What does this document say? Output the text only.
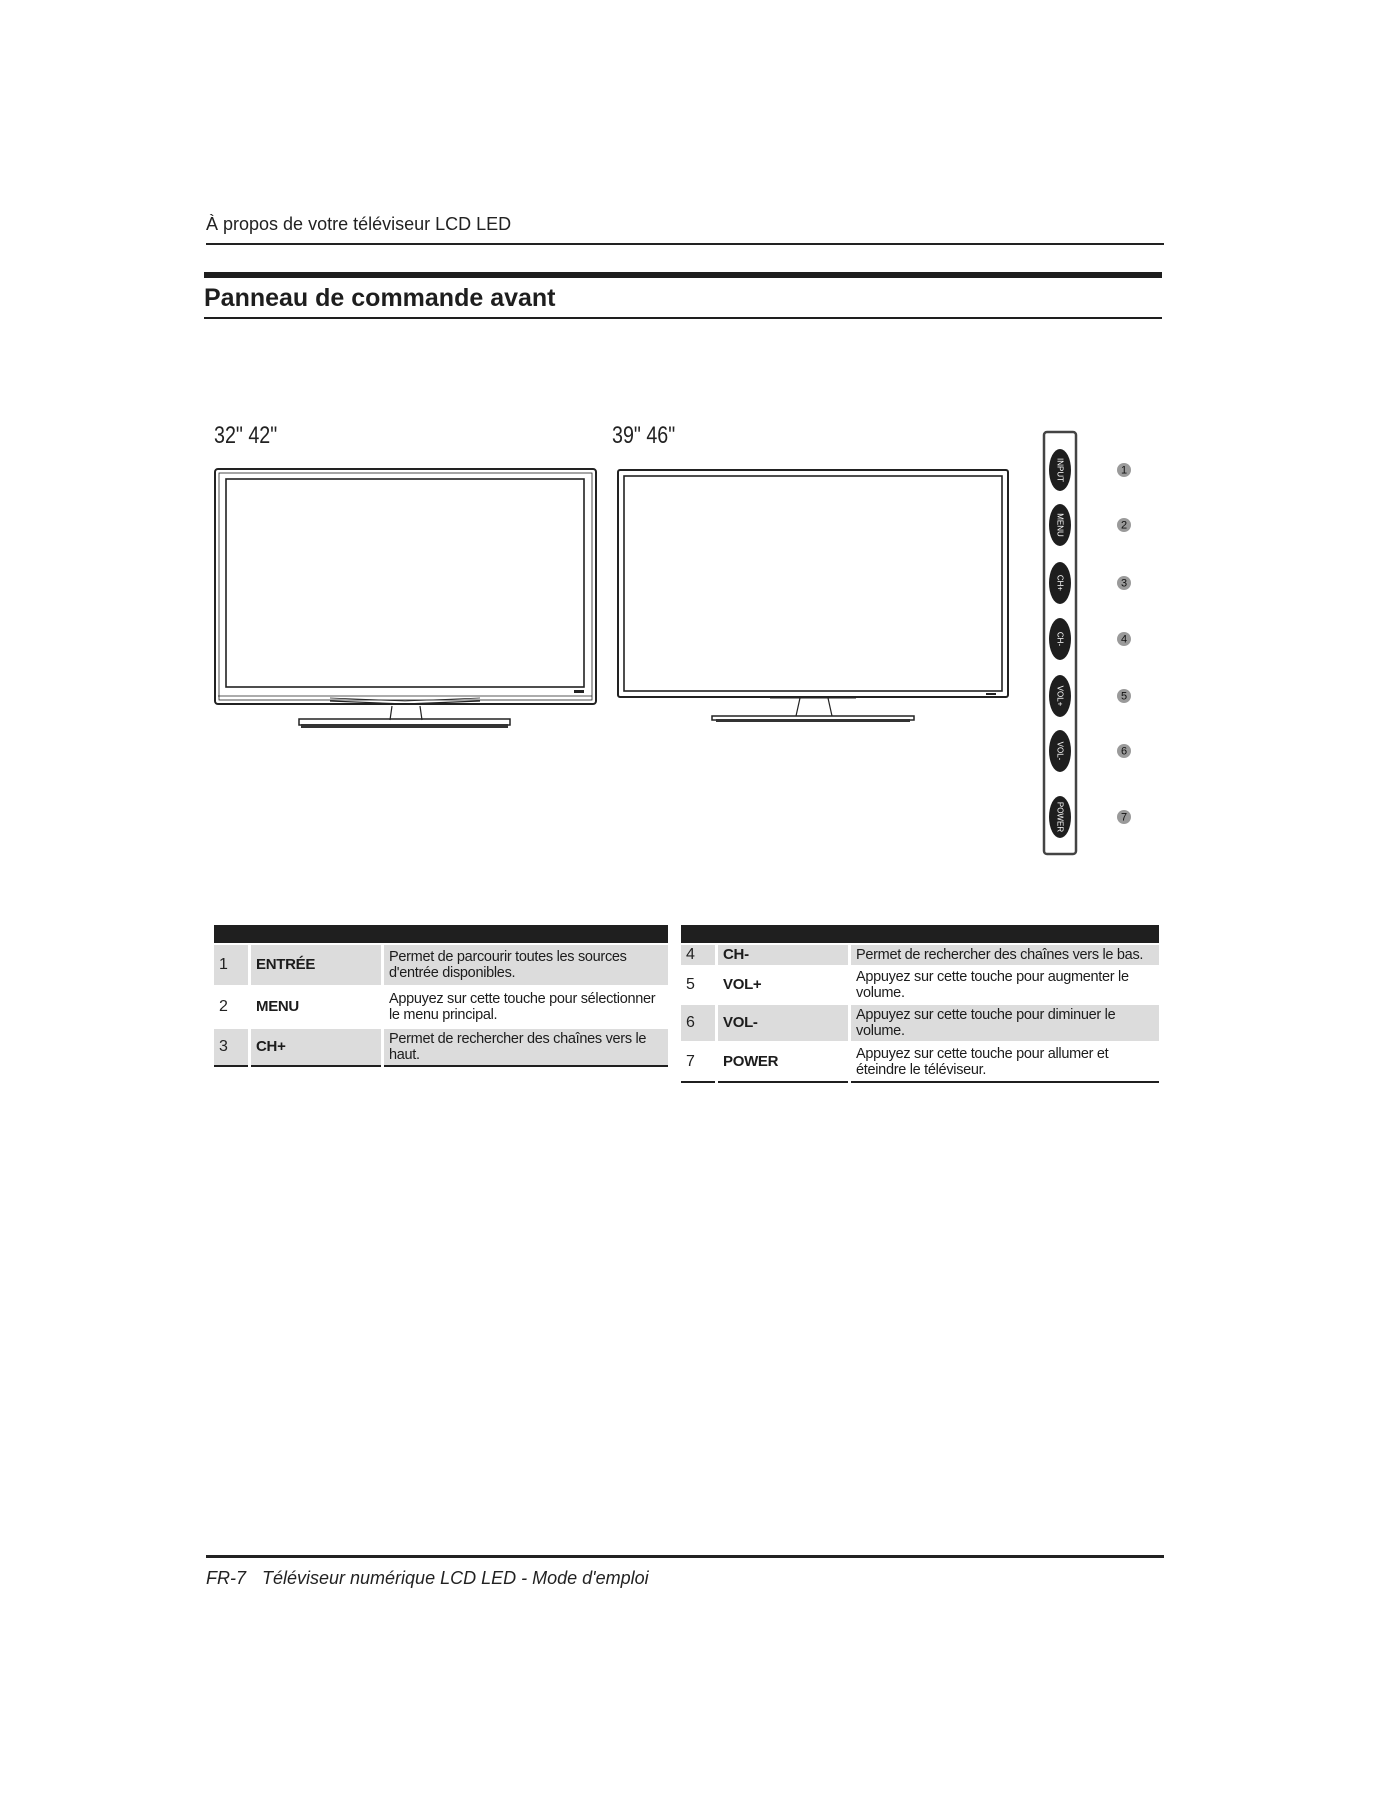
À propos de votre téléviseur LCD LED
Panneau de commande avant
32" 42"	39" 46"
INPUT	1
MENU	2
CH+	3
CH-	4
VOL+	5
VOL-	6
POWER	7

1	ENTRÉE	Permet de parcourir toutes les sources d'entrée disponibles.
2	MENU	Appuyez sur cette touche pour sélectionner le menu principal.
3	CH+	Permet de rechercher des chaînes vers le haut.

4	CH-	Permet de rechercher des chaînes vers le bas.
5	VOL+	Appuyez sur cette touche pour augmenter le volume.
6	VOL-	Appuyez sur cette touche pour diminuer le volume.
7	POWER	Appuyez sur cette touche pour allumer et éteindre le téléviseur.
FR-7 Téléviseur numérique LCD LED - Mode d'emploi
